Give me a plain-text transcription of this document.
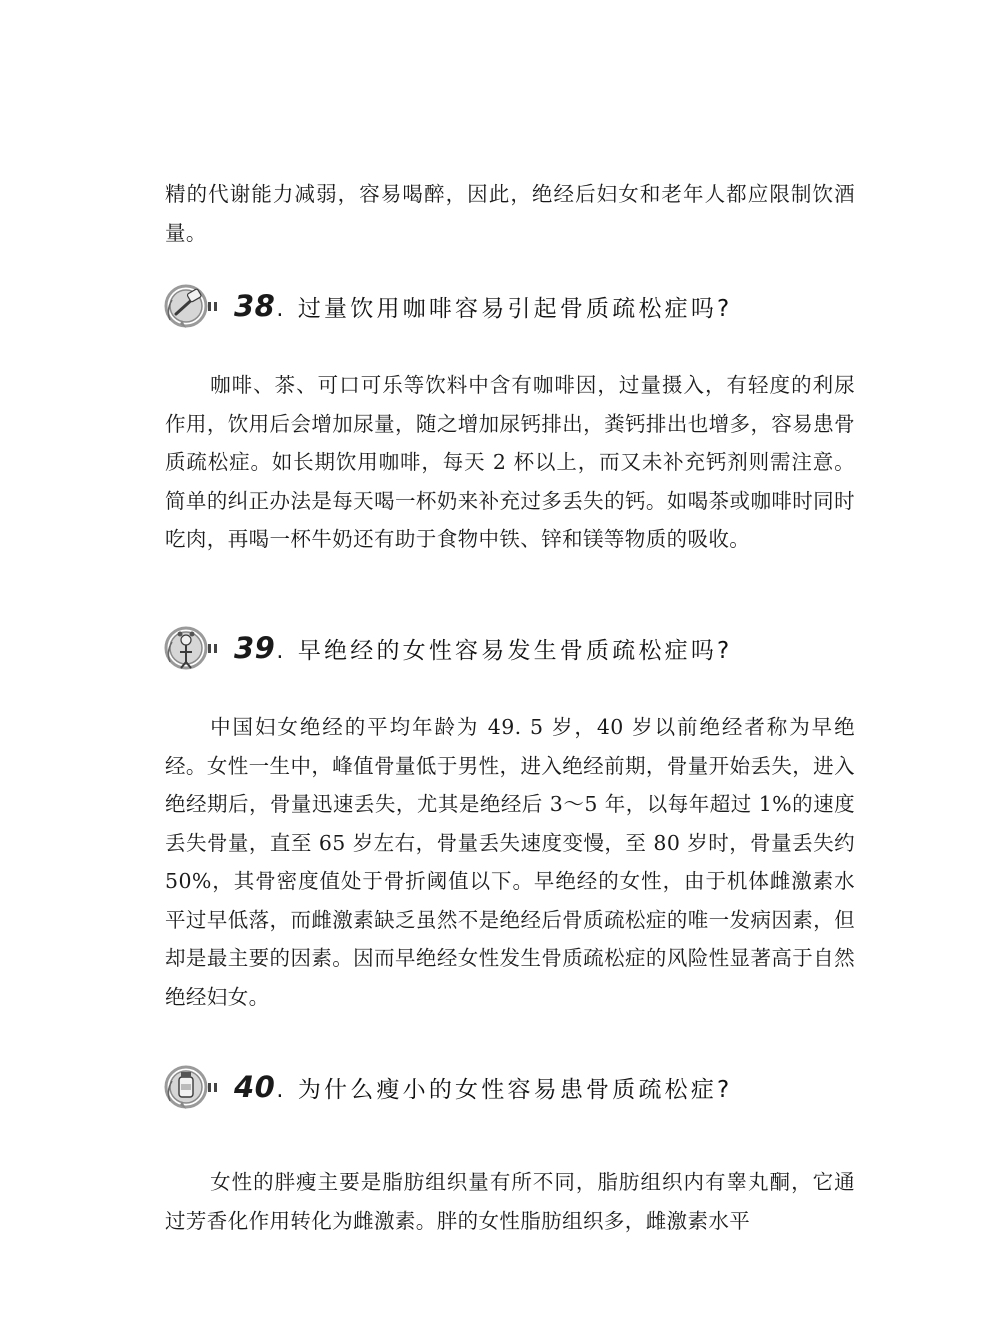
精的代谢能力减弱，容易喝醉，因此，绝经后妇女和老年人都应限制饮酒量。

38. 过量饮用咖啡容易引起骨质疏松症吗?

咖啡、茶、可口可乐等饮料中含有咖啡因，过量摄入，有轻度的利尿作用，饮用后会增加尿量，随之增加尿钙排出，粪钙排出也增多，容易患骨质疏松症。如长期饮用咖啡，每天 2 杯以上，而又未补充钙剂则需注意。简单的纠正办法是每天喝一杯奶来补充过多丢失的钙。如喝茶或咖啡时同时吃肉，再喝一杯牛奶还有助于食物中铁、锌和镁等物质的吸收。

39. 早绝经的女性容易发生骨质疏松症吗?

中国妇女绝经的平均年龄为 49. 5 岁，40 岁以前绝经者称为早绝经。女性一生中，峰值骨量低于男性，进入绝经前期，骨量开始丢失，进入绝经期后，骨量迅速丢失，尤其是绝经后 3～5 年，以每年超过 1%的速度丢失骨量，直至 65 岁左右，骨量丢失速度变慢，至 80 岁时，骨量丢失约 50%，其骨密度值处于骨折阈值以下。早绝经的女性，由于机体雌激素水平过早低落，而雌激素缺乏虽然不是绝经后骨质疏松症的唯一发病因素，但却是最主要的因素。因而早绝经女性发生骨质疏松症的风险性显著高于自然绝经妇女。

40. 为什么瘦小的女性容易患骨质疏松症?

女性的胖瘦主要是脂肪组织量有所不同，脂肪组织内有睾丸酮，它通过芳香化作用转化为雌激素。胖的女性脂肪组织多，雌激素水平
